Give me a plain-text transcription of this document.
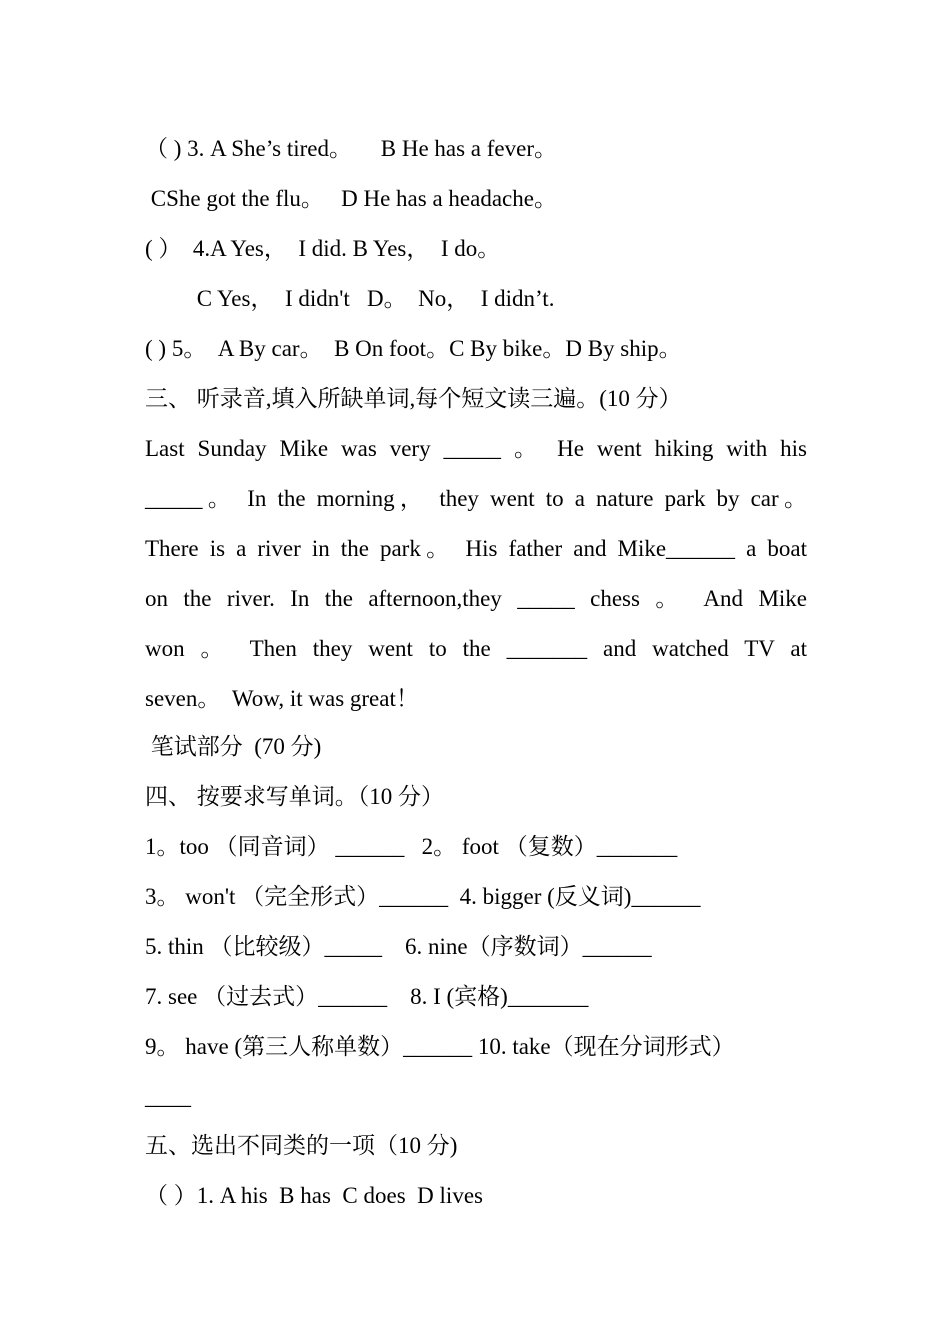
（ ) 3. A She’s tired。     B He has a fever。
CShe got the flu。   D He has a headache。
( ）  4.A Yes，  I did. B Yes，  I do。
C Yes，  I didn't   D。  No，  I didn’t.
( ) 5。  A By car。  B On foot。C By bike。D By ship。
三、 听录音,填入所缺单词,每个短文读三遍。(10 分）
Last Sunday Mike was very _____ 。 He went hiking with his
_____。 In the morning， they went to a nature park by car。
There is a river in the park。 His father and Mike______ a boat
on the river. In the afternoon,they _____ chess 。 And Mike
won 。 Then they went to the _______ and watched TV at
seven。  Wow, it was great！
笔试部分  (70 分)
四、 按要求写单词。（10 分）
1。too （同音词） ______   2。 foot （复数）_______
3。 won't （完全形式）______  4. bigger (反义词)______
5. thin （比较级）_____    6. nine（序数词）______
7. see （过去式）______    8. I (宾格)_______
9。 have (第三人称单数）______ 10. take（现在分词形式）
____
五、选出不同类的一项（10 分)
（ ）1. A his  B has  C does  D lives
